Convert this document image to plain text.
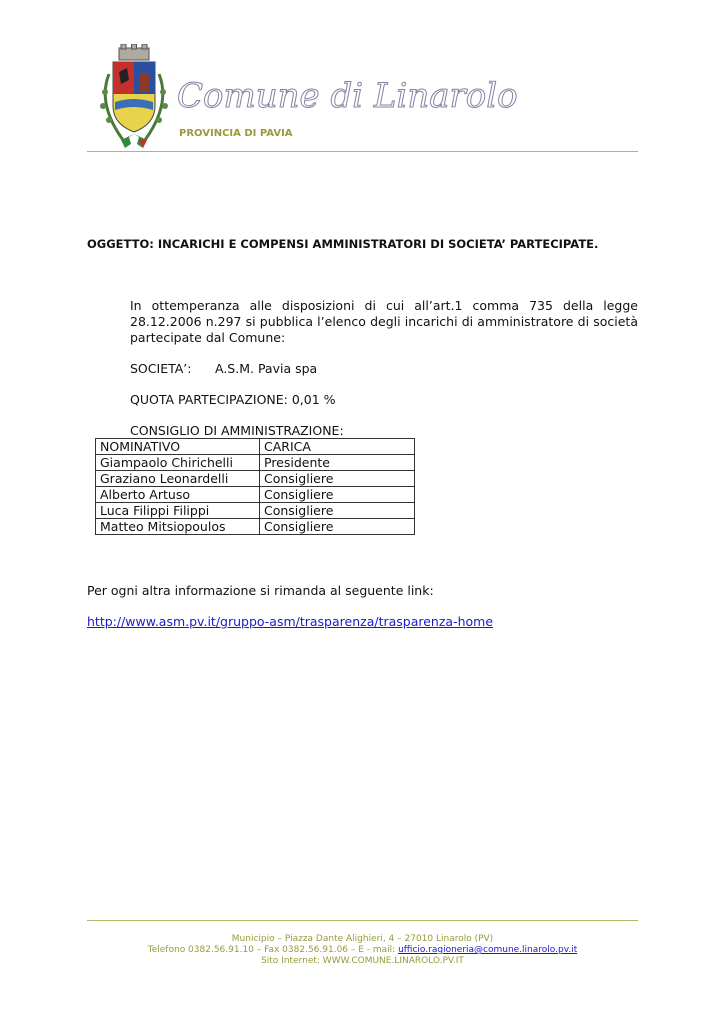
Comune di Linarolo
PROVINCIA DI PAVIA
OGGETTO: INCARICHI E COMPENSI AMMINISTRATORI DI SOCIETA’ PARTECIPATE.
In ottemperanza alle disposizioni di cui all’art.1 comma 735 della legge 28.12.2006 n.297 si pubblica l’elenco degli incarichi di amministratore di società partecipate dal Comune:
SOCIETA’: A.S.M. Pavia spa
QUOTA PARTECIPAZIONE: 0,01 %
CONSIGLIO DI AMMINISTRAZIONE:
NOMINATIVO	CARICA
Giampaolo Chirichelli	Presidente
Graziano Leonardelli	Consigliere
Alberto Artuso	Consigliere
Luca Filippi Filippi	Consigliere
Matteo Mitsiopoulos	Consigliere
Per ogni altra informazione si rimanda al seguente link:
http://www.asm.pv.it/gruppo-asm/trasparenza/trasparenza-home
Municipio – Piazza Dante Alighieri, 4 – 27010 Linarolo (PV)
Telefono 0382.56.91.10 – Fax 0382.56.91.06 – E - mail: ufficio.ragioneria@comune.linarolo.pv.it
Sito Internet: WWW.COMUNE.LINAROLO.PV.IT
